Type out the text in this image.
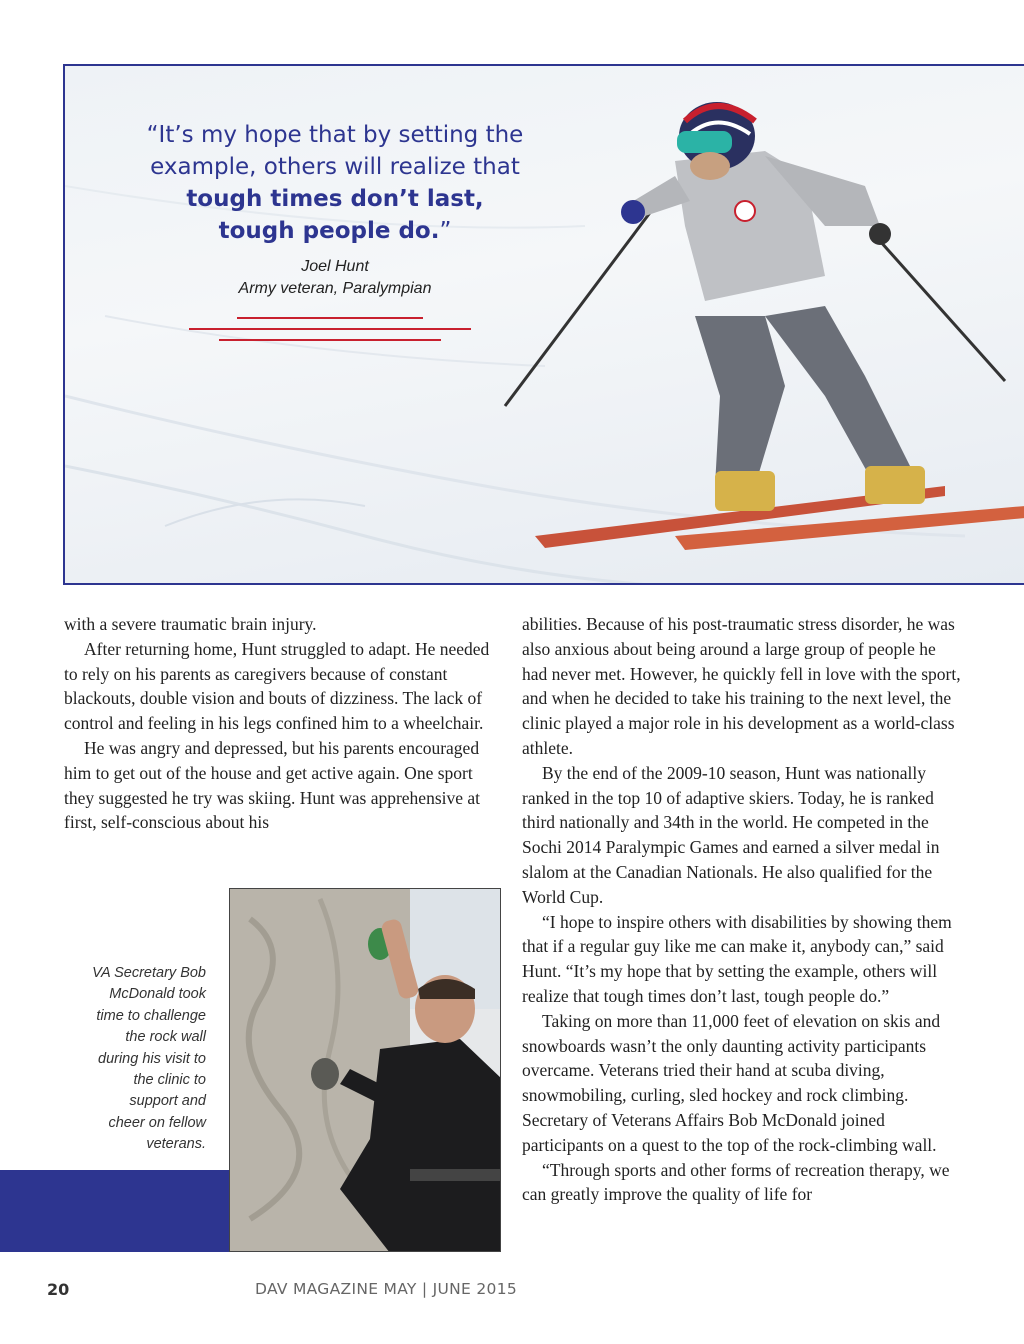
“It’s my hope that by setting the
example, others will realize that
tough times don’t last,
tough people do.”
Joel Hunt
Army veteran, Paralympian

with a severe traumatic brain injury.

After returning home, Hunt struggled to adapt. He needed to rely on his parents as caregivers because of constant blackouts, double vision and bouts of dizziness. The lack of control and feeling in his legs confined him to a wheelchair.

He was angry and depressed, but his parents encouraged him to get out of the house and get active again. One sport they suggested he try was skiing. Hunt was apprehensive at first, self-conscious about his

abilities. Because of his post-traumatic stress disorder, he was also anxious about being around a large group of people he had never met. However, he quickly fell in love with the sport, and when he decided to take his training to the next level, the clinic played a major role in his development as a world-class athlete.

By the end of the 2009-10 season, Hunt was nationally ranked in the top 10 of adaptive skiers. Today, he is ranked third nationally and 34th in the world. He competed in the Sochi 2014 Paralympic Games and earned a silver medal in slalom at the Canadian Nationals. He also qualified for the World Cup.

“I hope to inspire others with disabilities by showing them that if a regular guy like me can make it, anybody can,” said Hunt. “It’s my hope that by setting the example, others will realize that tough times don’t last, tough people do.”

Taking on more than 11,000 feet of elevation on skis and snowboards wasn’t the only daunting activity participants overcame. Veterans tried their hand at scuba diving, snowmobiling, curling, sled hockey and rock climbing. Secretary of Veterans Affairs Bob McDonald joined participants on a quest to the top of the rock-climbing wall.

“Through sports and other forms of recreation therapy, we can greatly improve the quality of life for

VA Secretary Bob McDonald took time to challenge the rock wall during his visit to the clinic to support and cheer on fellow veterans.
20	DAV MAGAZINE MAY | JUNE 2015
